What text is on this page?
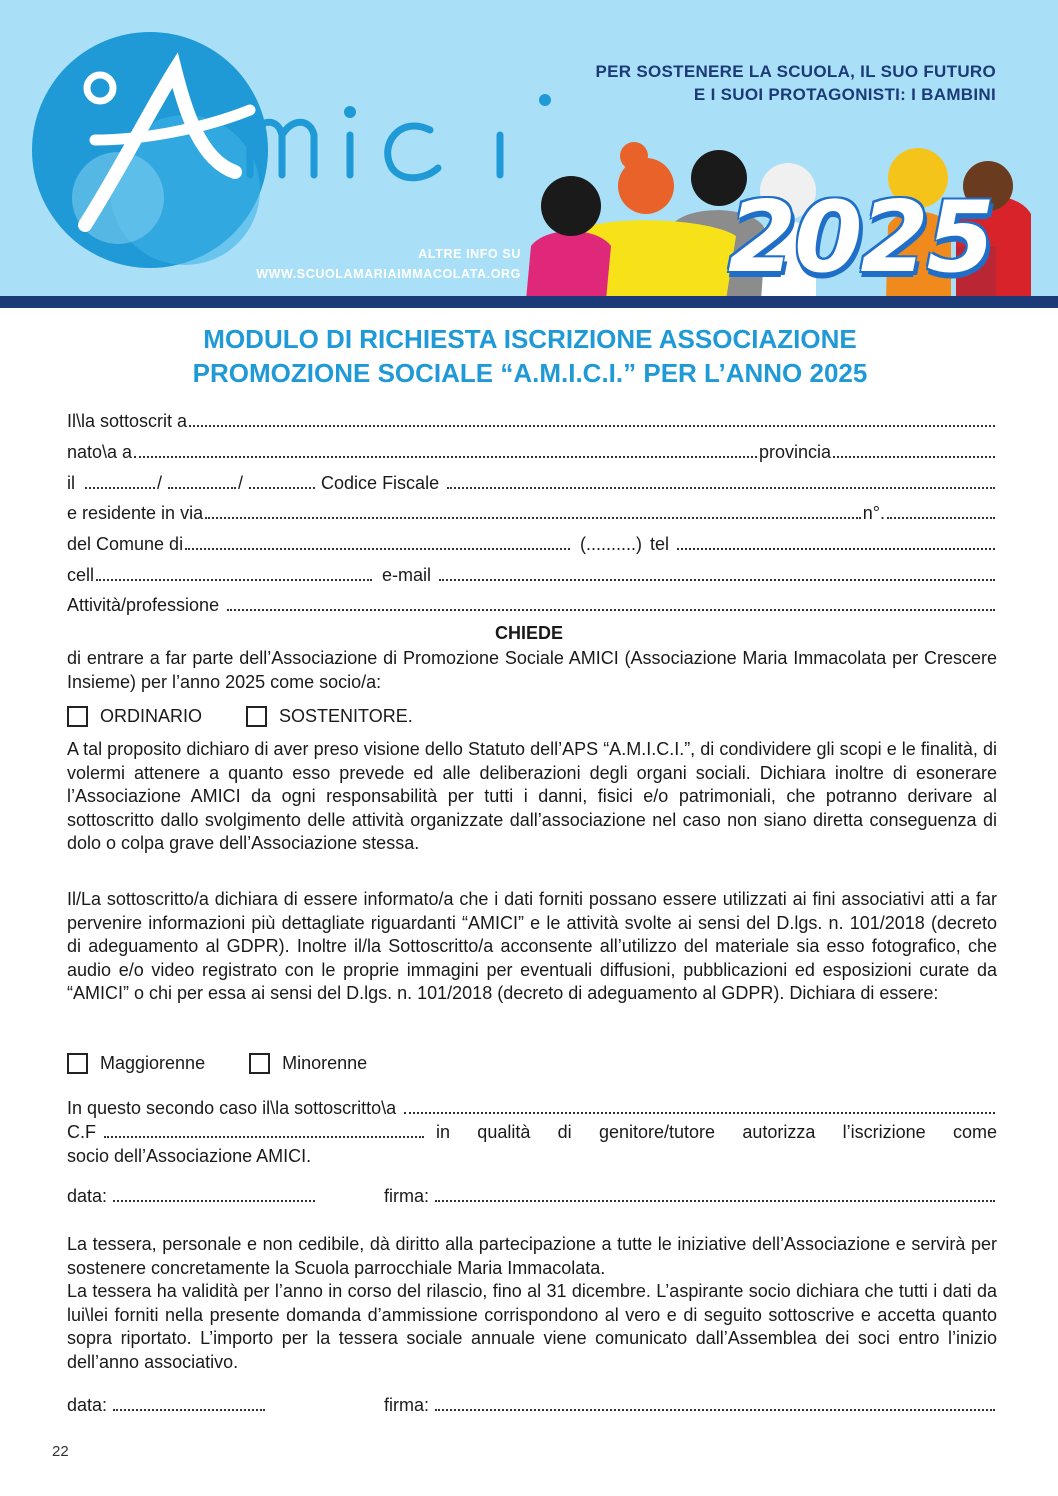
PER SOSTENERE LA SCUOLA, IL SUO FUTURO
E I SUOI PROTAGONISTI: I BAMBINI
2025
ALTRE INFO SU
WWW.SCUOLAMARIAIMMACOLATA.ORG
MODULO DI RICHIESTA ISCRIZIONE ASSOCIAZIONE
PROMOZIONE SOCIALE “A.M.I.C.I.” PER L’ANNO 2025
Il\la sottoscrit a
nato\a a	provincia
il	/	/	Codice Fiscale
e residente in via	n°.
del Comune di	(..........) tel
cell	e-mail
Attività/professione
CHIEDE
di entrare a far parte dell’Associazione di Promozione Sociale AMICI (Associazione Maria Immacolata per Crescere Insieme) per l’anno 2025 come socio/a:
ORDINARIO	SOSTENITORE.
A tal proposito dichiaro di aver preso visione dello Statuto dell’APS “A.M.I.C.I.”, di condividere gli scopi e le finalità, di volermi attenere a quanto esso prevede ed alle deliberazioni degli organi sociali. Dichiara inoltre di esonerare l’Associazione AMICI da ogni responsabilità per tutti i danni, fisici e/o patrimoniali, che potranno derivare al sottoscritto dallo svolgimento delle attività organizzate dall’associazione nel caso non siano diretta conseguenza di dolo o colpa grave dell’Associazione stessa.
Il/La sottoscritto/a dichiara di essere informato/a che i dati forniti possano essere utilizzati ai fini associativi atti a far pervenire informazioni più dettagliate riguardanti “AMICI” e le attività svolte ai sensi del D.lgs. n. 101/2018 (decreto di adeguamento al GDPR). Inoltre il/la Sottoscritto/a acconsente all’utilizzo del materiale sia esso fotografico, che audio e/o video registrato con le proprie immagini per eventuali diffusioni, pubblicazioni ed esposizioni curate da “AMICI” o chi per essa ai sensi del D.lgs. n. 101/2018 (decreto di adeguamento al GDPR). Dichiara di essere:
Maggiorenne	Minorenne
In questo secondo caso il\la sottoscritto\a
C.F	in qualità di genitore/tutore autorizza l’iscrizione come
socio dell’Associazione AMICI.
data:	firma:
La tessera, personale e non cedibile, dà diritto alla partecipazione a tutte le iniziative dell’Associazione e servirà per sostenere concretamente la Scuola parrocchiale Maria Immacolata.
La tessera ha validità per l’anno in corso del rilascio, fino al 31 dicembre. L’aspirante socio dichiara che tutti i dati da lui\lei forniti nella presente domanda d’ammissione corrispondono al vero e di seguito sottoscrive e accetta quanto sopra riportato. L’importo per la tessera sociale annuale viene comunicato dall’Assemblea dei soci entro l’inizio dell’anno associativo.
data:	firma:
22
